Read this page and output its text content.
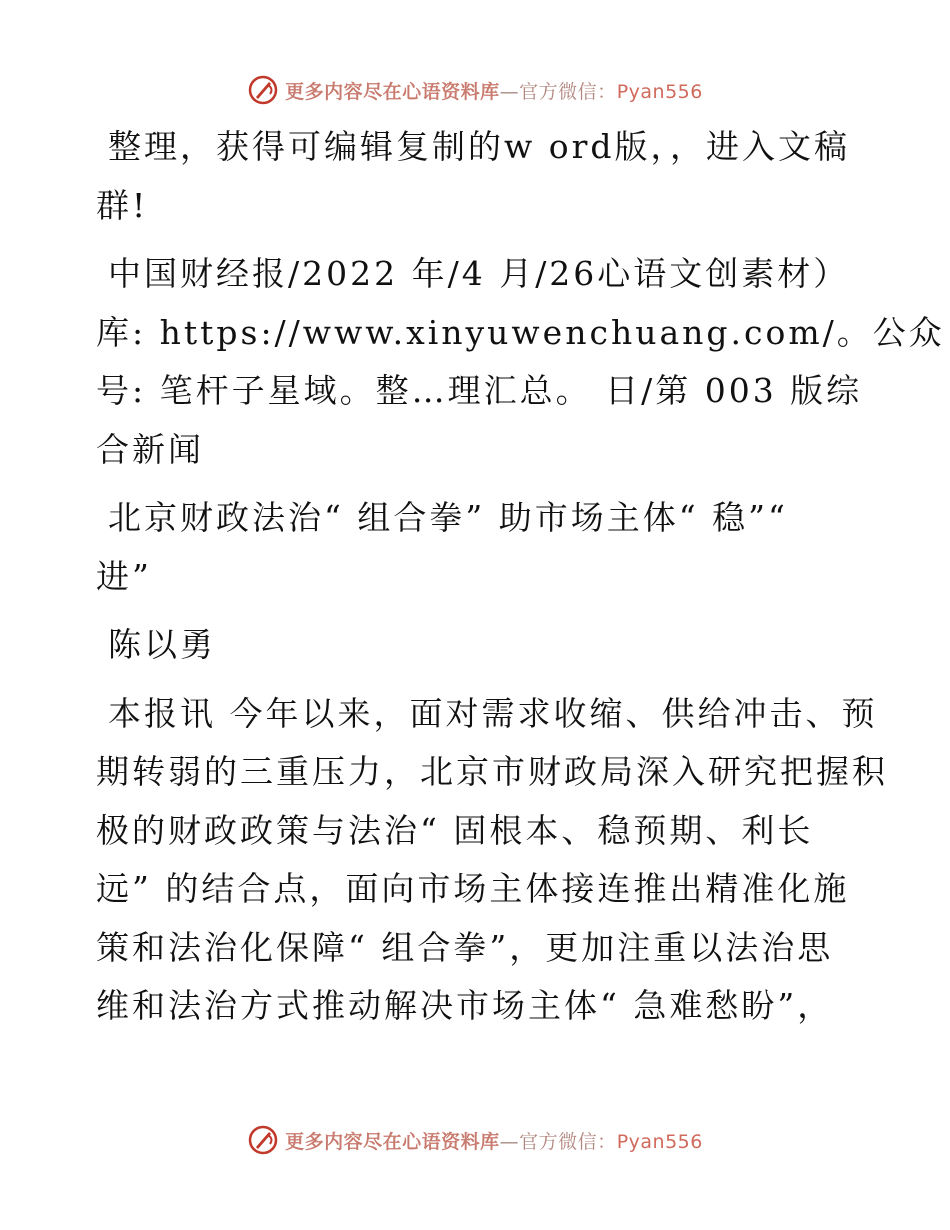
更多内容尽在心语资料库—官方微信：Pyan556

整理，获得可编辑复制的w ord版，，进入文稿
群!

中国财经报/2022 年/4 月/26心语文创素材）
库: https://www.xinyuwenchuang.com/。公众
号: 笔杆子星域。整…理汇总。 日/第 003 版综
合新闻

北京财政法治“ 组合拳” 助市场主体“ 稳”“
进”

陈以勇

本报讯 今年以来，面对需求收缩、供给冲击、预
期转弱的三重压力，北京市财政局深入研究把握积
极的财政政策与法治“ 固根本、稳预期、利长
远” 的结合点，面向市场主体接连推出精准化施
策和法治化保障“ 组合拳”，更加注重以法治思
维和法治方式推动解决市场主体“ 急难愁盼”，

更多内容尽在心语资料库—官方微信：Pyan556
